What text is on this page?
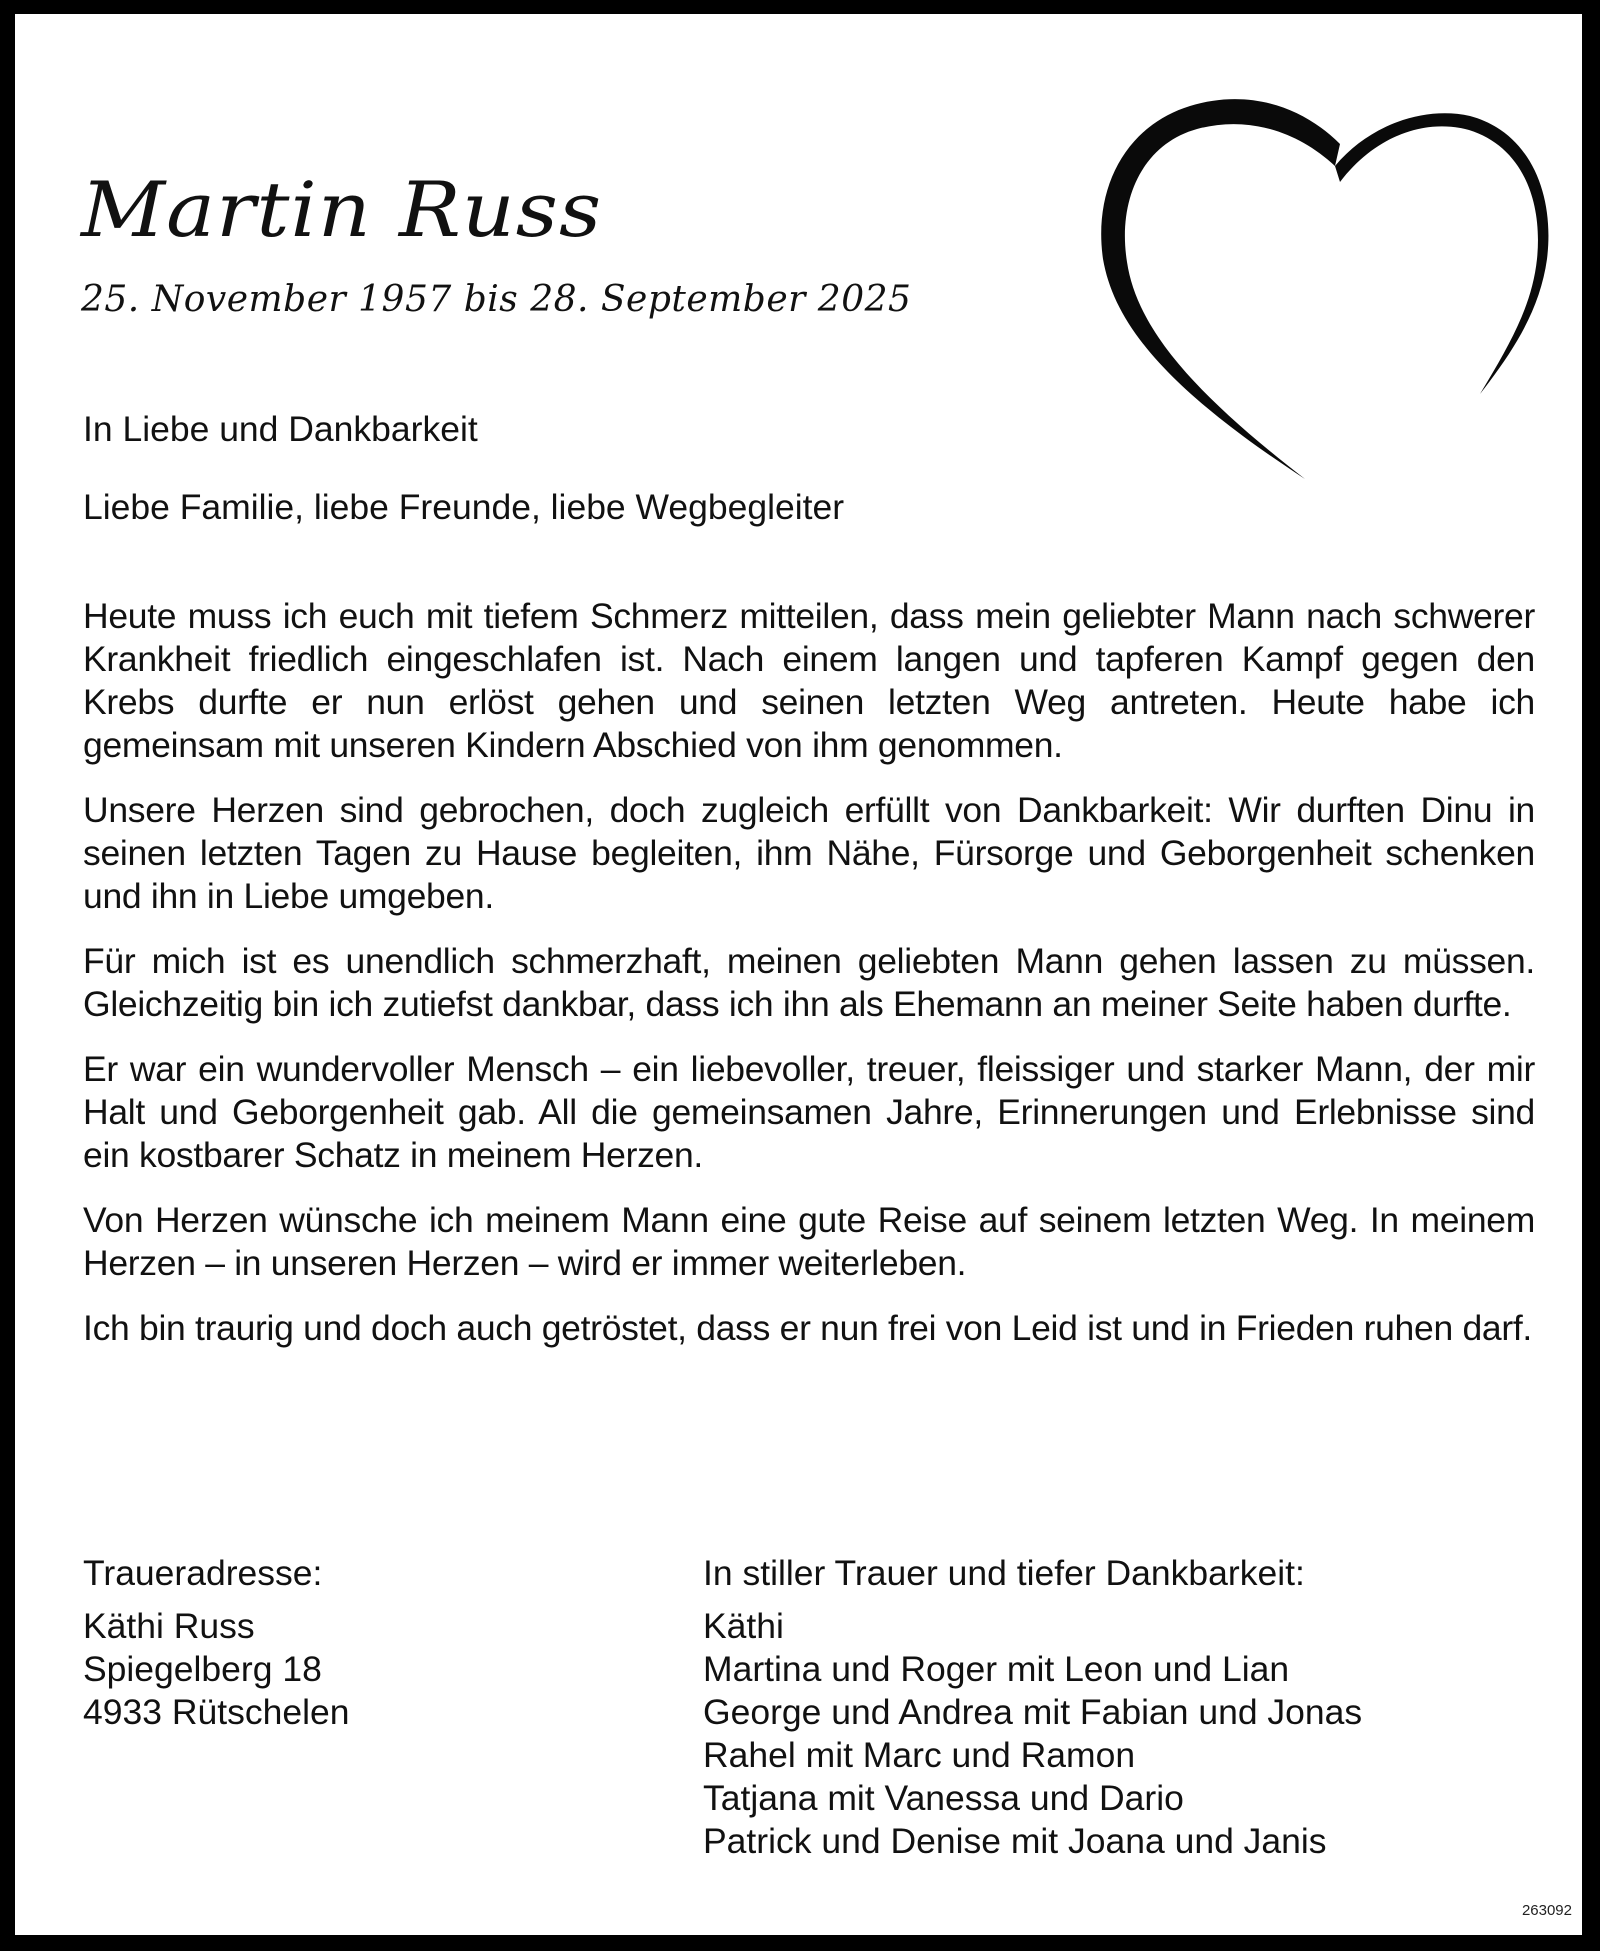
Martin Russ
25. November 1957 bis 28. September 2025

In Liebe und Dankbarkeit

Liebe Familie, liebe Freunde, liebe Wegbegleiter

Heute muss ich euch mit tiefem Schmerz mitteilen, dass mein geliebter Mann nach schwerer Krankheit friedlich eingeschlafen ist. Nach einem langen und tapferen Kampf gegen den Krebs durfte er nun erlöst gehen und seinen letzten Weg antreten. Heute habe ich gemeinsam mit unseren Kindern Abschied von ihm genommen.

Unsere Herzen sind gebrochen, doch zugleich erfüllt von Dankbarkeit: Wir durften Dinu in seinen letzten Tagen zu Hause begleiten, ihm Nähe, Fürsorge und Geborgenheit schenken und ihn in Liebe umgeben.

Für mich ist es unendlich schmerzhaft, meinen geliebten Mann gehen lassen zu müssen. Gleichzeitig bin ich zutiefst dankbar, dass ich ihn als Ehemann an meiner Seite haben durfte.

Er war ein wundervoller Mensch – ein liebevoller, treuer, fleissiger und starker Mann, der mir Halt und Geborgenheit gab. All die gemeinsamen Jahre, Erinnerungen und Erlebnisse sind ein kostbarer Schatz in meinem Herzen.

Von Herzen wünsche ich meinem Mann eine gute Reise auf seinem letzten Weg. In meinem Herzen – in unseren Herzen – wird er immer weiterleben.

Ich bin traurig und doch auch getröstet, dass er nun frei von Leid ist und in Frieden ruhen darf.

Traueradresse:
Käthi Russ
Spiegelberg 18
4933 Rütschelen
In stiller Trauer und tiefer Dankbarkeit:
Käthi
Martina und Roger mit Leon und Lian
George und Andrea mit Fabian und Jonas
Rahel mit Marc und Ramon
Tatjana mit Vanessa und Dario
Patrick und Denise mit Joana und Janis
263092
